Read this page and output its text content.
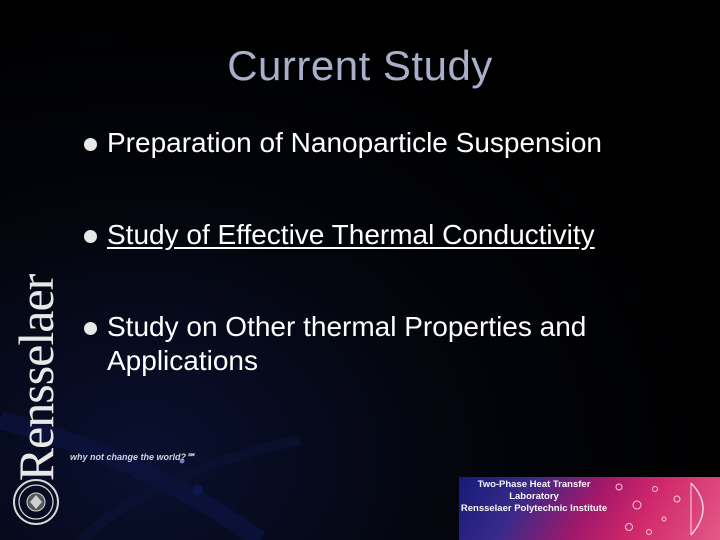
Current Study
Preparation of Nanoparticle Suspension
Study of Effective Thermal Conductivity
Study on Other thermal Properties and Applications
Rensselaer why not change the world?℠
Two-Phase Heat Transfer
Laboratory
Rensselaer Polytechnic Institute
